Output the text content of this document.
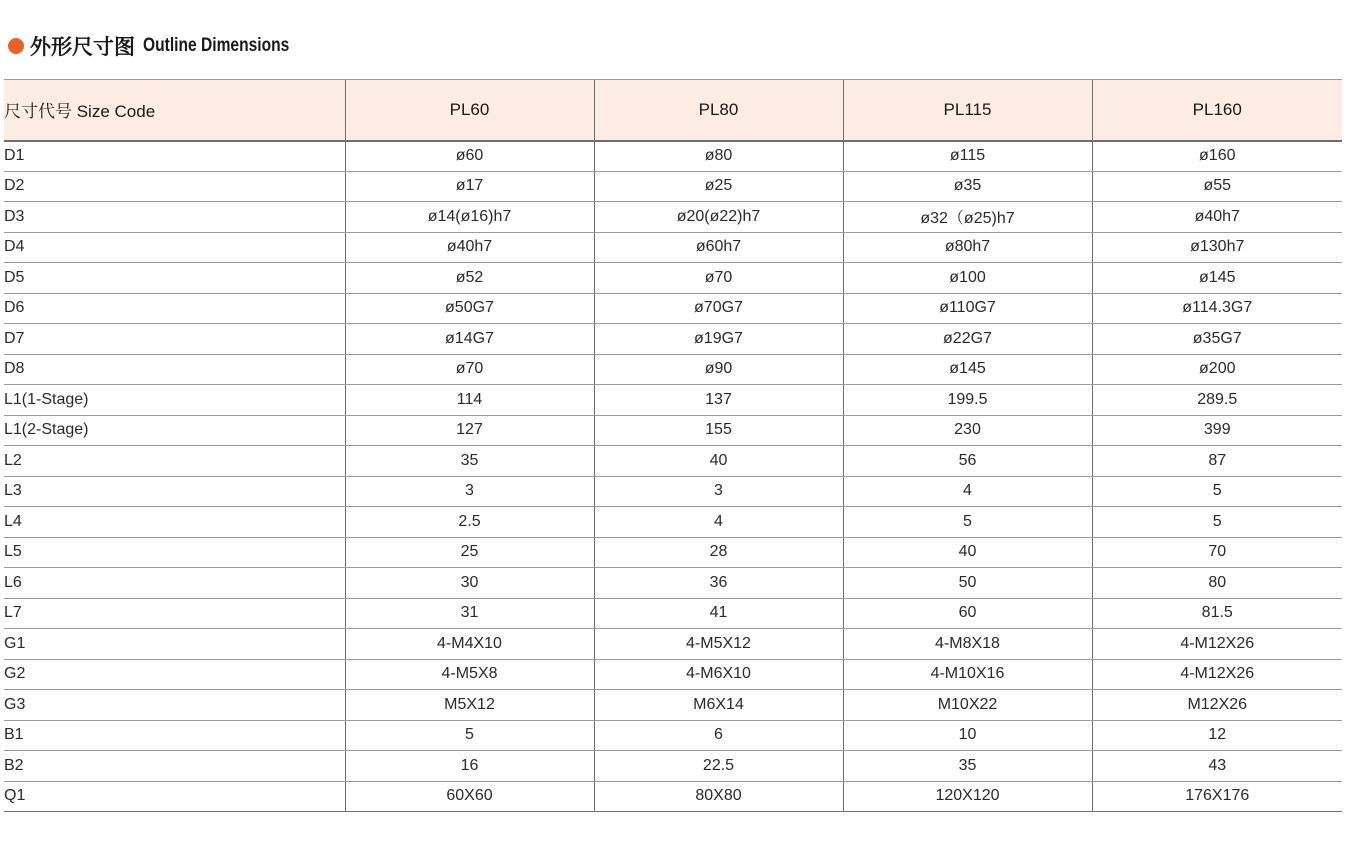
外形尺寸图 Outline Dimensions
尺寸代号 Size Code	PL60	PL80	PL115	PL160
D1	ø60	ø80	ø115	ø160
D2	ø17	ø25	ø35	ø55
D3	ø14(ø16)h7	ø20(ø22)h7	ø32（ø25)h7	ø40h7
D4	ø40h7	ø60h7	ø80h7	ø130h7
D5	ø52	ø70	ø100	ø145
D6	ø50G7	ø70G7	ø110G7	ø114.3G7
D7	ø14G7	ø19G7	ø22G7	ø35G7
D8	ø70	ø90	ø145	ø200
L1(1-Stage)	114	137	199.5	289.5
L1(2-Stage)	127	155	230	399
L2	35	40	56	87
L3	3	3	4	5
L4	2.5	4	5	5
L5	25	28	40	70
L6	30	36	50	80
L7	31	41	60	81.5
G1	4-M4X10	4-M5X12	4-M8X18	4-M12X26
G2	4-M5X8	4-M6X10	4-M10X16	4-M12X26
G3	M5X12	M6X14	M10X22	M12X26
B1	5	6	10	12
B2	16	22.5	35	43
Q1	60X60	80X80	120X120	176X176
